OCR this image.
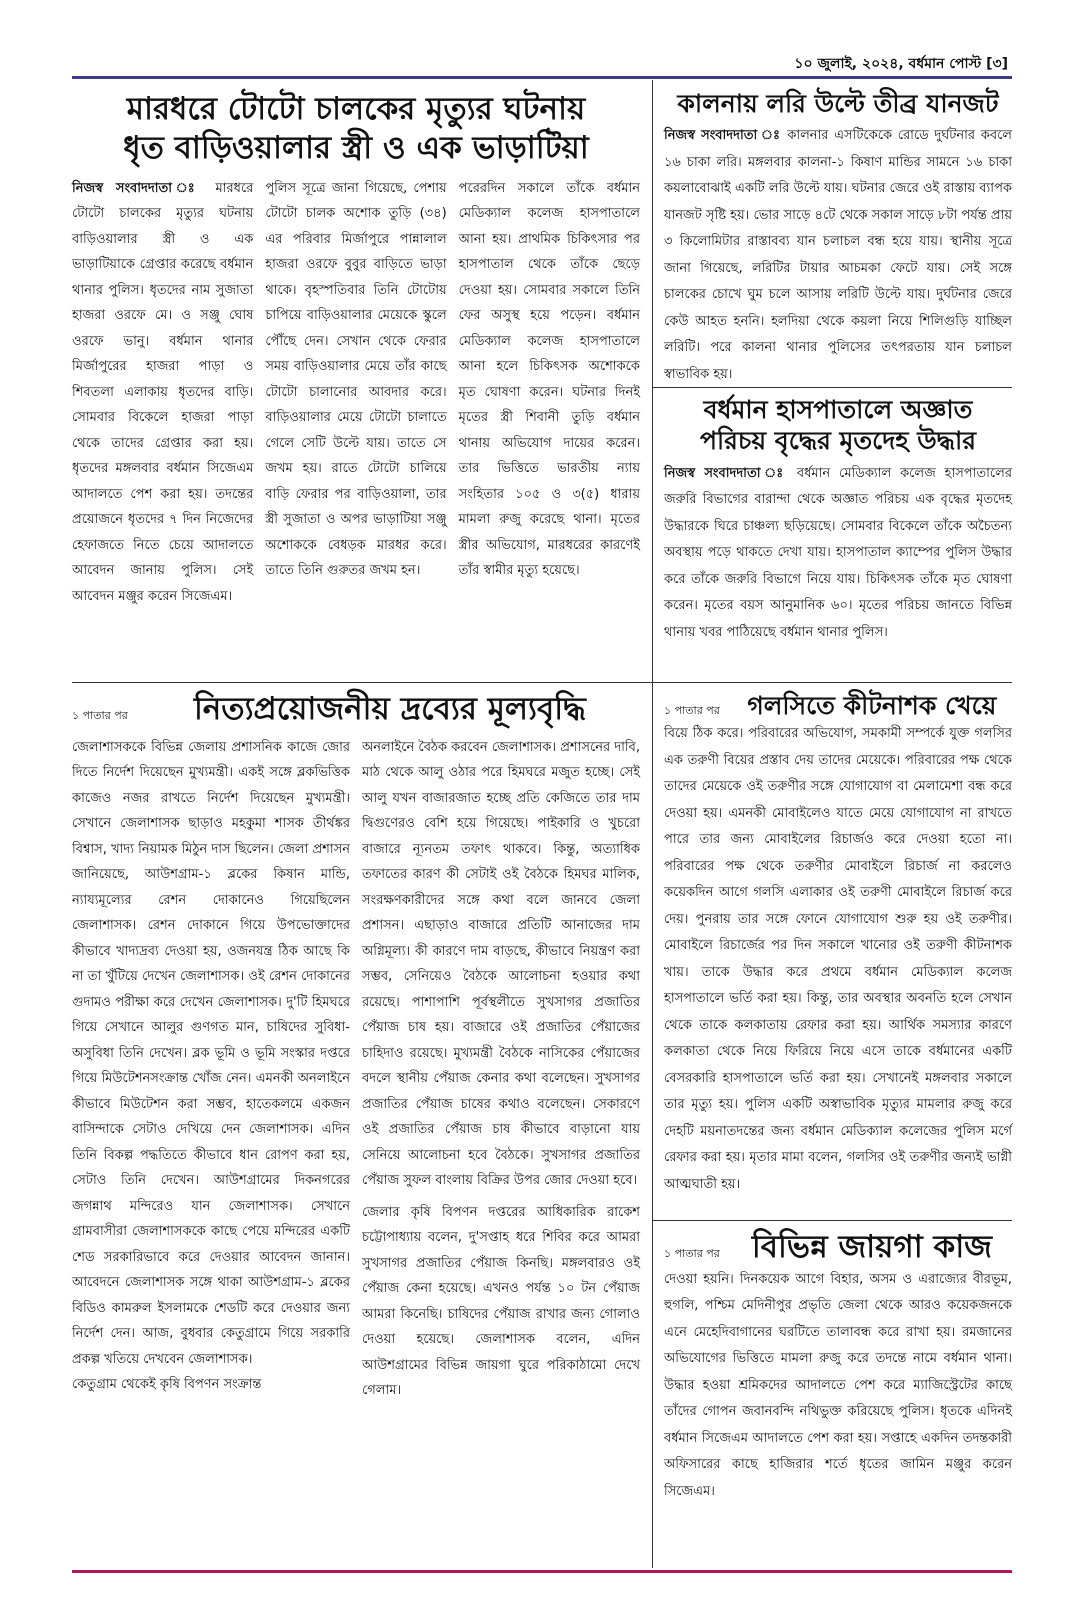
১০ জুলাই, ২০২৪, বর্ধমান পোস্ট [৩]
মারধরে টোটো চালকের মৃত্যুর ঘটনায়
ধৃত বাড়িওয়ালার স্ত্রী ও এক ভাড়াটিয়া

নিজস্ব সংবাদদাতা ঃ মারধরে টোটো চালকের মৃত্যুর ঘটনায় বাড়িওয়ালার স্ত্রী ও এক ভাড়াটিয়াকে গ্রেপ্তার করেছে বর্ধমান থানার পুলিস। ধৃতদের নাম সুজাতা হাজরা ওরফে মে। ও সঞ্জু ঘোষ ওরফে ভানু। বর্ধমান থানার মির্জাপুরের হাজরা পাড়া ও শিবতলা এলাকায় ধৃতদের বাড়ি। সোমবার বিকেলে হাজরা পাড়া থেকে তাদের গ্রেপ্তার করা হয়। ধৃতদের মঙ্গলবার বর্ধমান সিজেএম আদালতে পেশ করা হয়। তদন্তের প্রয়োজনে ধৃতদের ৭ দিন নিজেদের হেফাজতে নিতে চেয়ে আদালতে আবেদন জানায় পুলিস। সেই আবেদন মঞ্জুর করেন সিজেএম।

পুলিস সূত্রে জানা গিয়েছে, পেশায় টোটো চালক অশোক তুড়ি (৩৪) এর পরিবার মির্জাপুরে পান্নালাল হাজরা ওরফে বুবুর বাড়িতে ভাড়া থাকে। বৃহস্পতিবার তিনি টোটোয় চাপিয়ে বাড়িওয়ালার মেয়েকে স্কুলে পৌঁছে দেন। সেখান থেকে ফেরার সময় বাড়িওয়ালার মেয়ে তাঁর কাছে টোটো চালানোর আবদার করে। বাড়িওয়ালার মেয়ে টোটো চালাতে গেলে সেটি উল্টে যায়। তাতে সে জখম হয়। রাতে টোটো চালিয়ে বাড়ি ফেরার পর বাড়িওয়ালা, তার স্ত্রী সুজাতা ও অপর ভাড়াটিয়া সঞ্জু অশোককে বেধড়ক মারধর করে। তাতে তিনি গুরুতর জখম হন।

পরেরদিন সকালে তাঁকে বর্ধমান মেডিক্যাল কলেজ হাসপাতালে আনা হয়। প্রাথমিক চিকিৎসার পর হাসপাতাল থেকে তাঁকে ছেড়ে দেওয়া হয়। সোমবার সকালে তিনি ফের অসুস্থ হয়ে পড়েন। বর্ধমান মেডিক্যাল কলেজ হাসপাতালে আনা হলে চিকিৎসক অশোককে মৃত ঘোষণা করেন। ঘটনার দিনই মৃতের স্ত্রী শিবানী তুড়ি বর্ধমান থানায় অভিযোগ দায়ের করেন। তার ভিত্তিতে ভারতীয় ন্যায় সংহিতার ১০৫ ও ৩(৫) ধারায় মামলা রুজু করেছে থানা। মৃতের স্ত্রীর অভিযোগ, মারধরের কারণেই তাঁর স্বামীর মৃত্যু হয়েছে।

১ পাতার পর	নিত্যপ্রয়োজনীয় দ্রব্যের মূল্যবৃদ্ধি

জেলাশাসককে বিভিন্ন জেলায় প্রশাসনিক কাজে জোর দিতে নির্দেশ দিয়েছেন মুখ্যমন্ত্রী। একই সঙ্গে ব্লকভিত্তিক কাজেও নজর রাখতে নির্দেশ দিয়েছেন মুখ্যমন্ত্রী। সেখানে জেলাশাসক ছাড়াও মহকুমা শাসক তীর্থঙ্কর বিশ্বাস, খাদ্য নিয়ামক মিঠুন দাস ছিলেন। জেলা প্রশাসন জানিয়েছে, আউশগ্রাম-১ ব্লকের কিষান মান্ডি, ন্যায্যমূল্যের রেশন দোকানেও গিয়েছিলেন জেলাশাসক। রেশন দোকানে গিয়ে উপভোক্তাদের কীভাবে খাদ্যদ্রব্য দেওয়া হয়, ওজনযন্ত্র ঠিক আছে কি না তা খুঁটিয়ে দেখেন জেলাশাসক। ওই রেশন দোকানের গুদামও পরীক্ষা করে দেখেন জেলাশাসক। দু'টি হিমঘরে গিয়ে সেখানে আলুর গুণগত মান, চাষিদের সুবিধা-অসুবিধা তিনি দেখেন। ব্লক ভূমি ও ভূমি সংস্কার দপ্তরে গিয়ে মিউটেশনসংক্রান্ত খোঁজ নেন। এমনকী অনলাইনে কীভাবে মিউটেশন করা সম্ভব, হাতেকলমে একজন বাসিন্দাকে সেটাও দেখিয়ে দেন জেলাশাসক। এদিন তিনি বিকল্প পদ্ধতিতে কীভাবে ধান রোপণ করা হয়, সেটাও তিনি দেখেন। আউশগ্রামের দিকনগরের জগন্নাথ মন্দিরেও যান জেলাশাসক। সেখানে গ্রামবাসীরা জেলাশাসককে কাছে পেয়ে মন্দিরের একটি শেড সরকারিভাবে করে দেওয়ার আবেদন জানান। আবেদনে জেলাশাসক সঙ্গে থাকা আউশগ্রাম-১ ব্লকের বিডিও কামরুল ইসলামকে শেডটি করে দেওয়ার জন্য নির্দেশ দেন। আজ, বুধবার কেতুগ্রামে গিয়ে সরকারি প্রকল্প খতিয়ে দেখবেন জেলাশাসক।

কেতুগ্রাম থেকেই কৃষি বিপণন সংক্রান্ত

অনলাইনে বৈঠক করবেন জেলাশাসক। প্রশাসনের দাবি, মাঠ থেকে আলু ওঠার পরে হিমঘরে মজুত হচ্ছে। সেই আলু যখন বাজারজাত হচ্ছে প্রতি কেজিতে তার দাম দ্বিগুণেরও বেশি হয়ে গিয়েছে। পাইকারি ও খুচরো বাজারে ন্যূনতম তফাৎ থাকবে। কিন্তু, অত্যাধিক তফাতের কারণ কী সেটাই ওই বৈঠকে হিমঘর মালিক, সংরক্ষণকারীদের সঙ্গে কথা বলে জানবে জেলা প্রশাসন। এছাড়াও বাজারে প্রতিটি আনাজের দাম অগ্নিমূল্য। কী কারণে দাম বাড়ছে, কীভাবে নিয়ন্ত্রণ করা সম্ভব, সেনিয়েও বৈঠকে আলোচনা হওয়ার কথা রয়েছে। পাশাপাশি পূর্বস্থলীতে সুখসাগর প্রজাতির পেঁয়াজ চাষ হয়। বাজারে ওই প্রজাতির পেঁয়াজের চাহিদাও রয়েছে। মুখ্যমন্ত্রী বৈঠকে নাসিকের পেঁয়াজের বদলে স্থানীয় পেঁয়াজ কেনার কথা বলেছেন। সুখসাগর প্রজাতির পেঁয়াজ চাষের কথাও বলেছেন। সেকারণে ওই প্রজাতির পেঁয়াজ চাষ কীভাবে বাড়ানো যায় সেনিয়ে আলোচনা হবে বৈঠকে। সুখসাগর প্রজাতির পেঁয়াজ সুফল বাংলায় বিক্রির উপর জোর দেওয়া হবে।

জেলার কৃষি বিপণন দপ্তরের আধিকারিক রাকেশ চট্টোপাধ্যায় বলেন, দু'সপ্তাহ ধরে শিবির করে আমরা সুখসাগর প্রজাতির পেঁয়াজ কিনছি। মঙ্গলবারও ওই পেঁয়াজ কেনা হয়েছে। এখনও পর্যন্ত ১০ টন পেঁয়াজ আমরা কিনেছি। চাষিদের পেঁয়াজ রাখার জন্য গোলাও দেওয়া হয়েছে। জেলাশাসক বলেন, এদিন আউশগ্রামের বিভিন্ন জায়গা ঘুরে পরিকাঠামো দেখে গেলাম।

কালনায় লরি উল্টে তীব্র যানজট

নিজস্ব সংবাদদাতা ঃ কালনার এসটিকেকে রোডে দুর্ঘটনার কবলে ১৬ চাকা লরি। মঙ্গলবার কালনা-১ কিষাণ মান্ডির সামনে ১৬ চাকা কয়লাবোঝাই একটি লরি উল্টে যায়। ঘটনার জেরে ওই রাস্তায় ব্যাপক যানজট সৃষ্টি হয়। ভোর সাড়ে ৪টে থেকে সকাল সাড়ে ৮টা পর্যন্ত প্রায় ৩ কিলোমিটার রাস্তাবব্য যান চলাচল বন্ধ হয়ে যায়। স্থানীয় সূত্রে জানা গিয়েছে, লরিটির টায়ার আচমকা ফেটে যায়। সেই সঙ্গে চালকের চোখে ঘুম চলে আসায় লরিটি উল্টে যায়। দুর্ঘটনার জেরে কেউ আহত হননি। হলদিয়া থেকে কয়লা নিয়ে শিলিগুড়ি যাচ্ছিল লরিটি। পরে কালনা থানার পুলিসের তৎপরতায় যান চলাচল স্বাভাবিক হয়।

বর্ধমান হাসপাতালে অজ্ঞাত
পরিচয় বৃদ্ধের মৃতদেহ উদ্ধার

নিজস্ব সংবাদদাতা ঃ বর্ধমান মেডিক্যাল কলেজ হাসপাতালের জরুরি বিভাগের বারান্দা থেকে অজ্ঞাত পরিচয় এক বৃদ্ধের মৃতদেহ উদ্ধারকে ঘিরে চাঞ্চল্য ছড়িয়েছে। সোমবার বিকেলে তাঁকে অচৈতন্য অবস্থায় পড়ে থাকতে দেখা যায়। হাসপাতাল ক্যাম্পের পুলিস উদ্ধার করে তাঁকে জরুরি বিভাগে নিয়ে যায়। চিকিৎসক তাঁকে মৃত ঘোষণা করেন। মৃতের বয়স আনুমানিক ৬০। মৃতের পরিচয় জানতে বিভিন্ন থানায় খবর পাঠিয়েছে বর্ধমান থানার পুলিস।

১ পাতার পর	গলসিতে কীটনাশক খেয়ে

বিয়ে ঠিক করে। পরিবারের অভিযোগ, সমকামী সম্পর্কে যুক্ত গলসির এক তরুণী বিয়ের প্রস্তাব দেয় তাদের মেয়েকে। পরিবারের পক্ষ থেকে তাদের মেয়েকে ওই তরুণীর সঙ্গে যোগাযোগ বা মেলামেশা বন্ধ করে দেওয়া হয়। এমনকী মোবাইলেও যাতে মেয়ে যোগাযোগ না রাখতে পারে তার জন্য মোবাইলের রিচার্জও করে দেওয়া হতো না। পরিবারের পক্ষ থেকে তরুণীর মোবাইলে রিচার্জ না করলেও কয়েকদিন আগে গলসি এলাকার ওই তরুণী মোবাইলে রিচার্জ করে দেয়। পুনরায় তার সঙ্গে ফোনে যোগাযোগ শুরু হয় ওই তরুণীর। মোবাইলে রিচার্জের পর দিন সকালে খানোর ওই তরুণী কীটনাশক খায়। তাকে উদ্ধার করে প্রথমে বর্ধমান মেডিক্যাল কলেজ হাসপাতালে ভর্তি করা হয়। কিন্তু, তার অবস্থার অবনতি হলে সেখান থেকে তাকে কলকাতায় রেফার করা হয়। আর্থিক সমস্যার কারণে কলকাতা থেকে নিয়ে ফিরিয়ে নিয়ে এসে তাকে বর্ধমানের একটি বেসরকারি হাসপাতালে ভর্তি করা হয়। সেখানেই মঙ্গলবার সকালে তার মৃত্যু হয়। পুলিস একটি অস্বাভাবিক মৃত্যুর মামলার রুজু করে দেহটি ময়নাতদন্তের জন্য বর্ধমান মেডিক্যাল কলেজের পুলিস মর্গে রেফার করা হয়। মৃতার মামা বলেন, গলসির ওই তরুণীর জন্যই ভাগ্নী আত্মঘাতী হয়।

১ পাতার পর	বিভিন্ন জায়গা কাজ

দেওয়া হয়নি। দিনকয়েক আগে বিহার, অসম ও এরাজ্যের বীরভূম, হুগলি, পশ্চিম মেদিনীপুর প্রভৃতি জেলা থেকে আরও কয়েকজনকে এনে মেহেদিবাগানের ঘরটিতে তালাবন্ধ করে রাখা হয়। রমজানের অভিযোগের ভিত্তিতে মামলা রুজু করে তদন্তে নামে বর্ধমান থানা। উদ্ধার হওয়া শ্রমিকদের আদালতে পেশ করে ম্যাজিস্ট্রেটের কাছে তাঁদের গোপন জবানবন্দি নথিভুক্ত করিয়েছে পুলিস। ধৃতকে এদিনই বর্ধমান সিজেএম আদালতে পেশ করা হয়। সপ্তাহে একদিন তদন্তকারী অফিসারের কাছে হাজিরার শর্তে ধৃতের জামিন মঞ্জুর করেন সিজেএম।
